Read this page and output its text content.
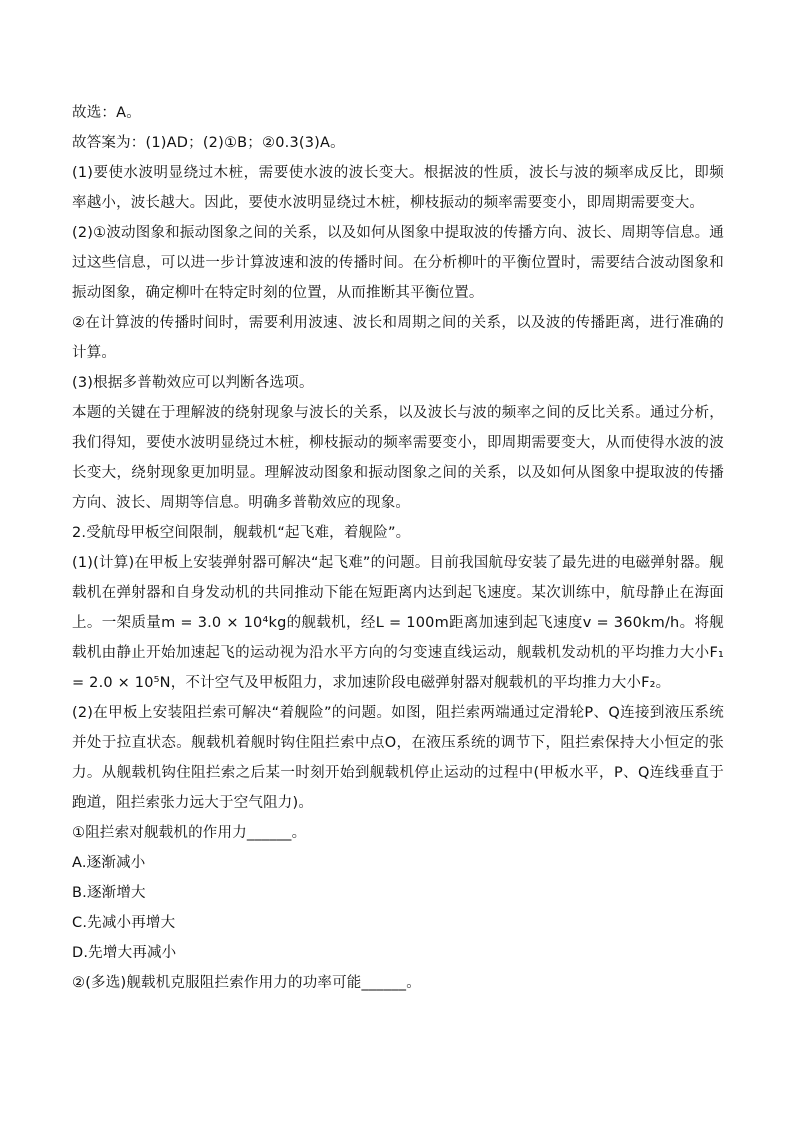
故选：A。

故答案为：(1)AD；(2)①B；②0.3(3)A。

(1)要使水波明显绕过木桩，需要使水波的波长变大。根据波的性质，波长与波的频率成反比，即频率越小，波长越大。因此，要使水波明显绕过木桩，柳枝振动的频率需要变小，即周期需要变大。

(2)①波动图象和振动图象之间的关系，以及如何从图象中提取波的传播方向、波长、周期等信息。通过这些信息，可以进一步计算波速和波的传播时间。在分析柳叶的平衡位置时，需要结合波动图象和振动图象，确定柳叶在特定时刻的位置，从而推断其平衡位置。

②在计算波的传播时间时，需要利用波速、波长和周期之间的关系，以及波的传播距离，进行准确的计算。

(3)根据多普勒效应可以判断各选项。

本题的关键在于理解波的绕射现象与波长的关系，以及波长与波的频率之间的反比关系。通过分析，我们得知，要使水波明显绕过木桩，柳枝振动的频率需要变小，即周期需要变大，从而使得水波的波长变大，绕射现象更加明显。理解波动图象和振动图象之间的关系，以及如何从图象中提取波的传播方向、波长、周期等信息。明确多普勒效应的现象。

2.受航母甲板空间限制，舰载机“起飞难，着舰险”。

(1)(计算)在甲板上安装弹射器可解决“起飞难”的问题。目前我国航母安装了最先进的电磁弹射器。舰载机在弹射器和自身发动机的共同推动下能在短距离内达到起飞速度。某次训练中，航母静止在海面上。一架质量m = 3.0 × 10⁴kg的舰载机，经L = 100m距离加速到起飞速度v = 360km/h。将舰载机由静止开始加速起飞的运动视为沿水平方向的匀变速直线运动，舰载机发动机的平均推力大小F₁ = 2.0 × 10⁵N，不计空气及甲板阻力，求加速阶段电磁弹射器对舰载机的平均推力大小F₂。

(2)在甲板上安装阻拦索可解决“着舰险”的问题。如图，阻拦索两端通过定滑轮P、Q连接到液压系统并处于拉直状态。舰载机着舰时钩住阻拦索中点O，在液压系统的调节下，阻拦索保持大小恒定的张力。从舰载机钩住阻拦索之后某一时刻开始到舰载机停止运动的过程中(甲板水平，P、Q连线垂直于跑道，阻拦索张力远大于空气阻力)。

①阻拦索对舰载机的作用力______。

A.逐渐减小

B.逐渐增大

C.先减小再增大

D.先增大再减小

②(多选)舰载机克服阻拦索作用力的功率可能______。
